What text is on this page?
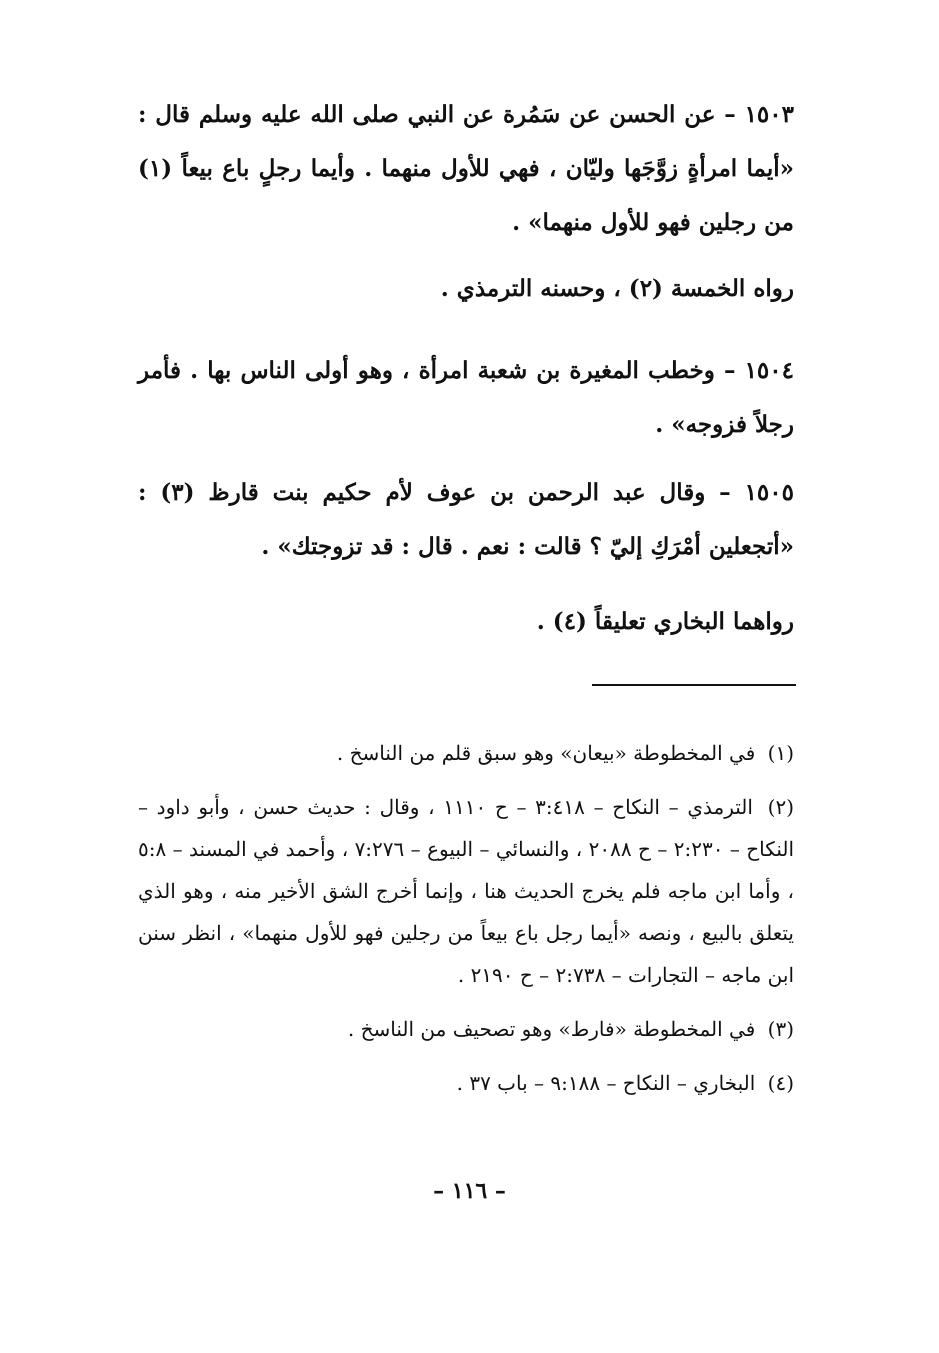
١٥٠٣ – عن الحسن عن سَمُرة عن النبي صلى الله عليه وسلم قال : «أيما امرأةٍ زوَّجَها وليّان ، فهي للأول منهما . وأيما رجلٍ باع بيعاً (١) من رجلين فهو للأول منهما» .

رواه الخمسة (٢) ، وحسنه الترمذي .

١٥٠٤ – وخطب المغيرة بن شعبة امرأة ، وهو أولى الناس بها . فأمر رجلاً فزوجه» .

١٥٠٥ – وقال عبد الرحمن بن عوف لأم حكيم بنت قارظ (٣) : «أتجعلين أمْرَكِ إليّ ؟ قالت : نعم . قال : قد تزوجتك» .

رواهما البخاري تعليقاً (٤) .

(١) في المخطوطة «بيعان» وهو سبق قلم من الناسخ .

(٢) الترمذي – النكاح – ٣:٤١٨ – ح ١١١٠ ، وقال : حديث حسن ، وأبو داود – النكاح – ٢:٢٣٠ – ح ٢٠٨٨ ، والنسائي – البيوع – ٧:٢٧٦ ، وأحمد في المسند – ٥:٨ ، وأما ابن ماجه فلم يخرج الحديث هنا ، وإنما أخرج الشق الأخير منه ، وهو الذي يتعلق بالبيع ، ونصه «أيما رجل باع بيعاً من رجلين فهو للأول منهما» ، انظر سنن ابن ماجه – التجارات – ٢:٧٣٨ – ح ٢١٩٠ .

(٣) في المخطوطة «فارط» وهو تصحيف من الناسخ .

(٤) البخاري – النكاح – ٩:١٨٨ – باب ٣٧ .

– ١١٦ –
